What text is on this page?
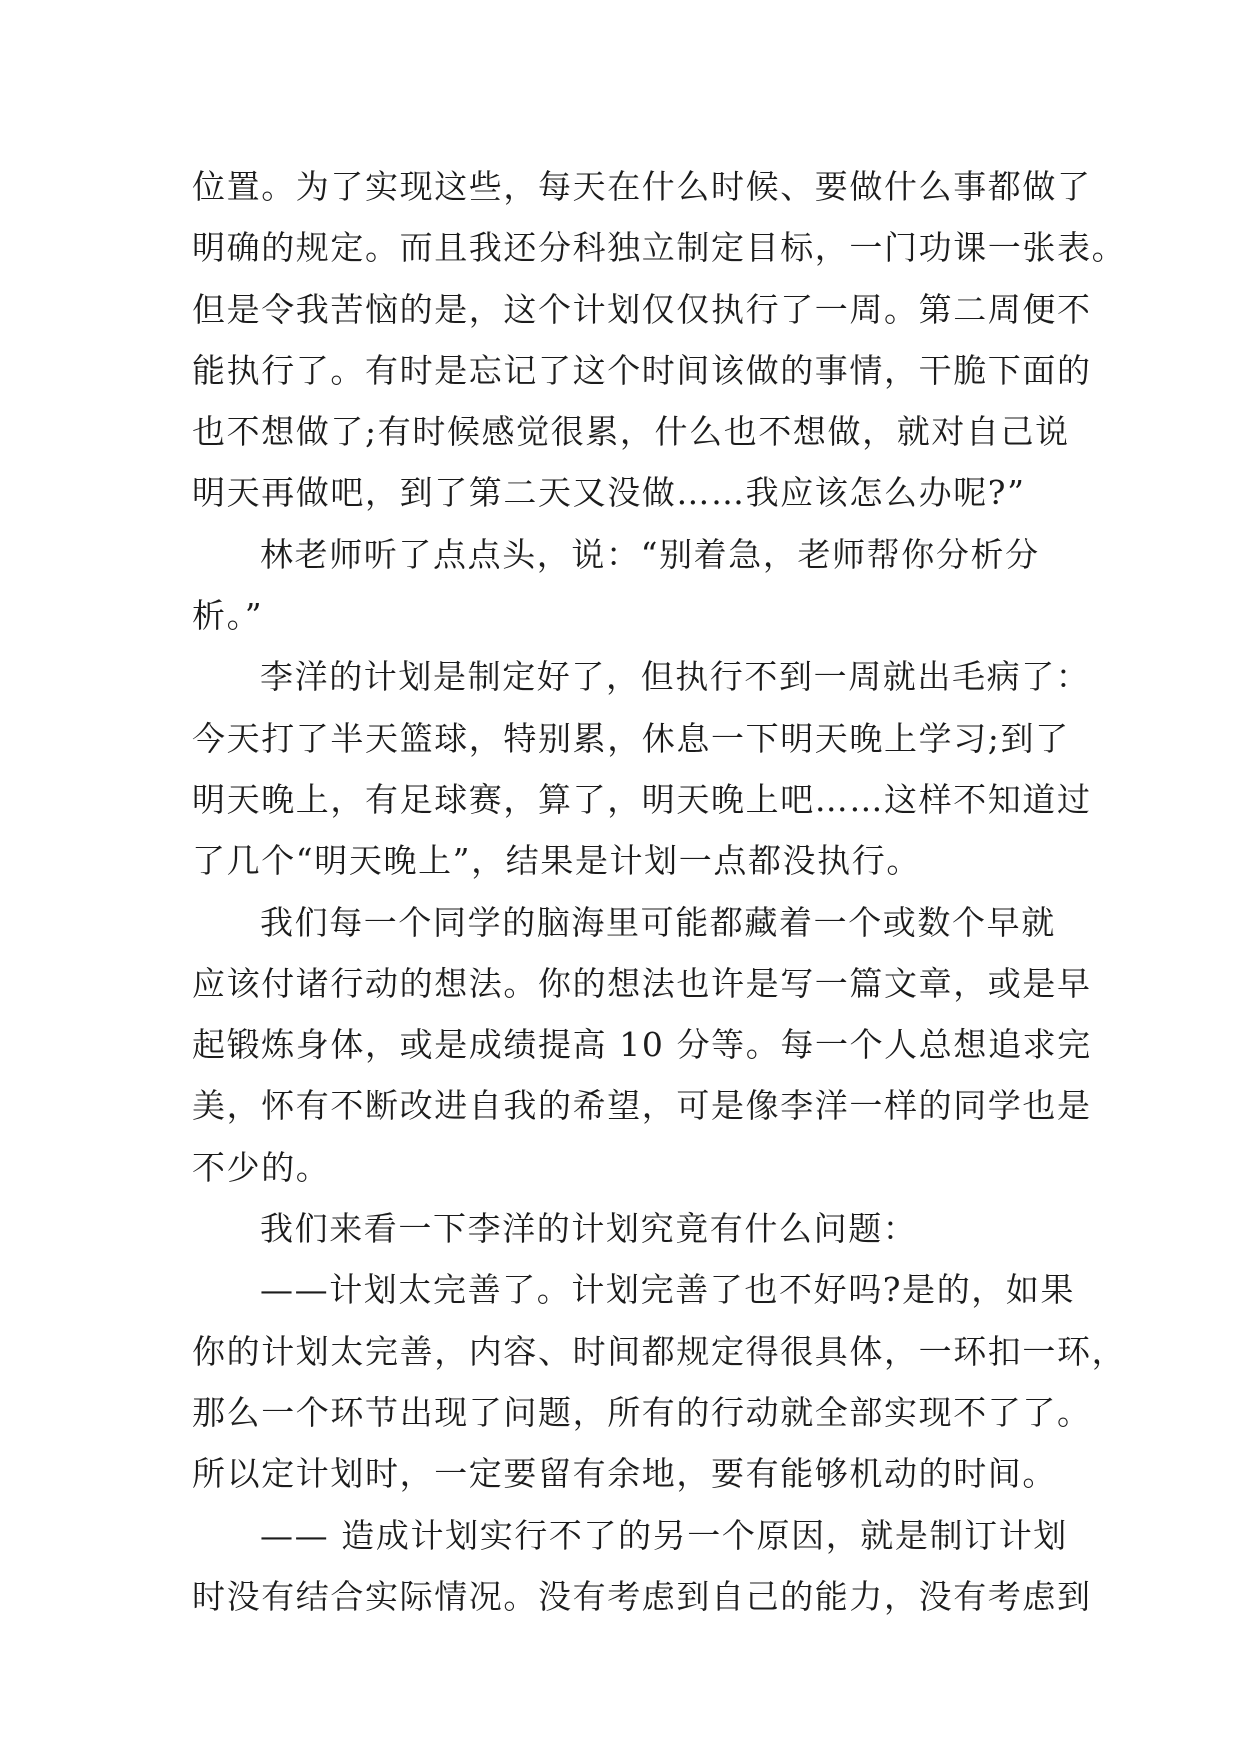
位置。为了实现这些，每天在什么时候、要做什么事都做了
明确的规定。而且我还分科独立制定目标，一门功课一张表。
但是令我苦恼的是，这个计划仅仅执行了一周。第二周便不
能执行了。有时是忘记了这个时间该做的事情，干脆下面的
也不想做了;有时候感觉很累，什么也不想做，就对自己说
明天再做吧，到了第二天又没做……我应该怎么办呢?”
林老师听了点点头，说：“别着急，老师帮你分析分
析。”
李洋的计划是制定好了，但执行不到一周就出毛病了：
今天打了半天篮球，特别累，休息一下明天晚上学习;到了
明天晚上，有足球赛，算了，明天晚上吧……这样不知道过
了几个“明天晚上”，结果是计划一点都没执行。
我们每一个同学的脑海里可能都藏着一个或数个早就
应该付诸行动的想法。你的想法也许是写一篇文章，或是早
起锻炼身体，或是成绩提高 10 分等。每一个人总想追求完
美，怀有不断改进自我的希望，可是像李洋一样的同学也是
不少的。
我们来看一下李洋的计划究竟有什么问题：
——计划太完善了。计划完善了也不好吗?是的，如果
你的计划太完善，内容、时间都规定得很具体，一环扣一环，
那么一个环节出现了问题，所有的行动就全部实现不了了。
所以定计划时，一定要留有余地，要有能够机动的时间。
—— 造成计划实行不了的另一个原因，就是制订计划
时没有结合实际情况。没有考虑到自己的能力，没有考虑到
